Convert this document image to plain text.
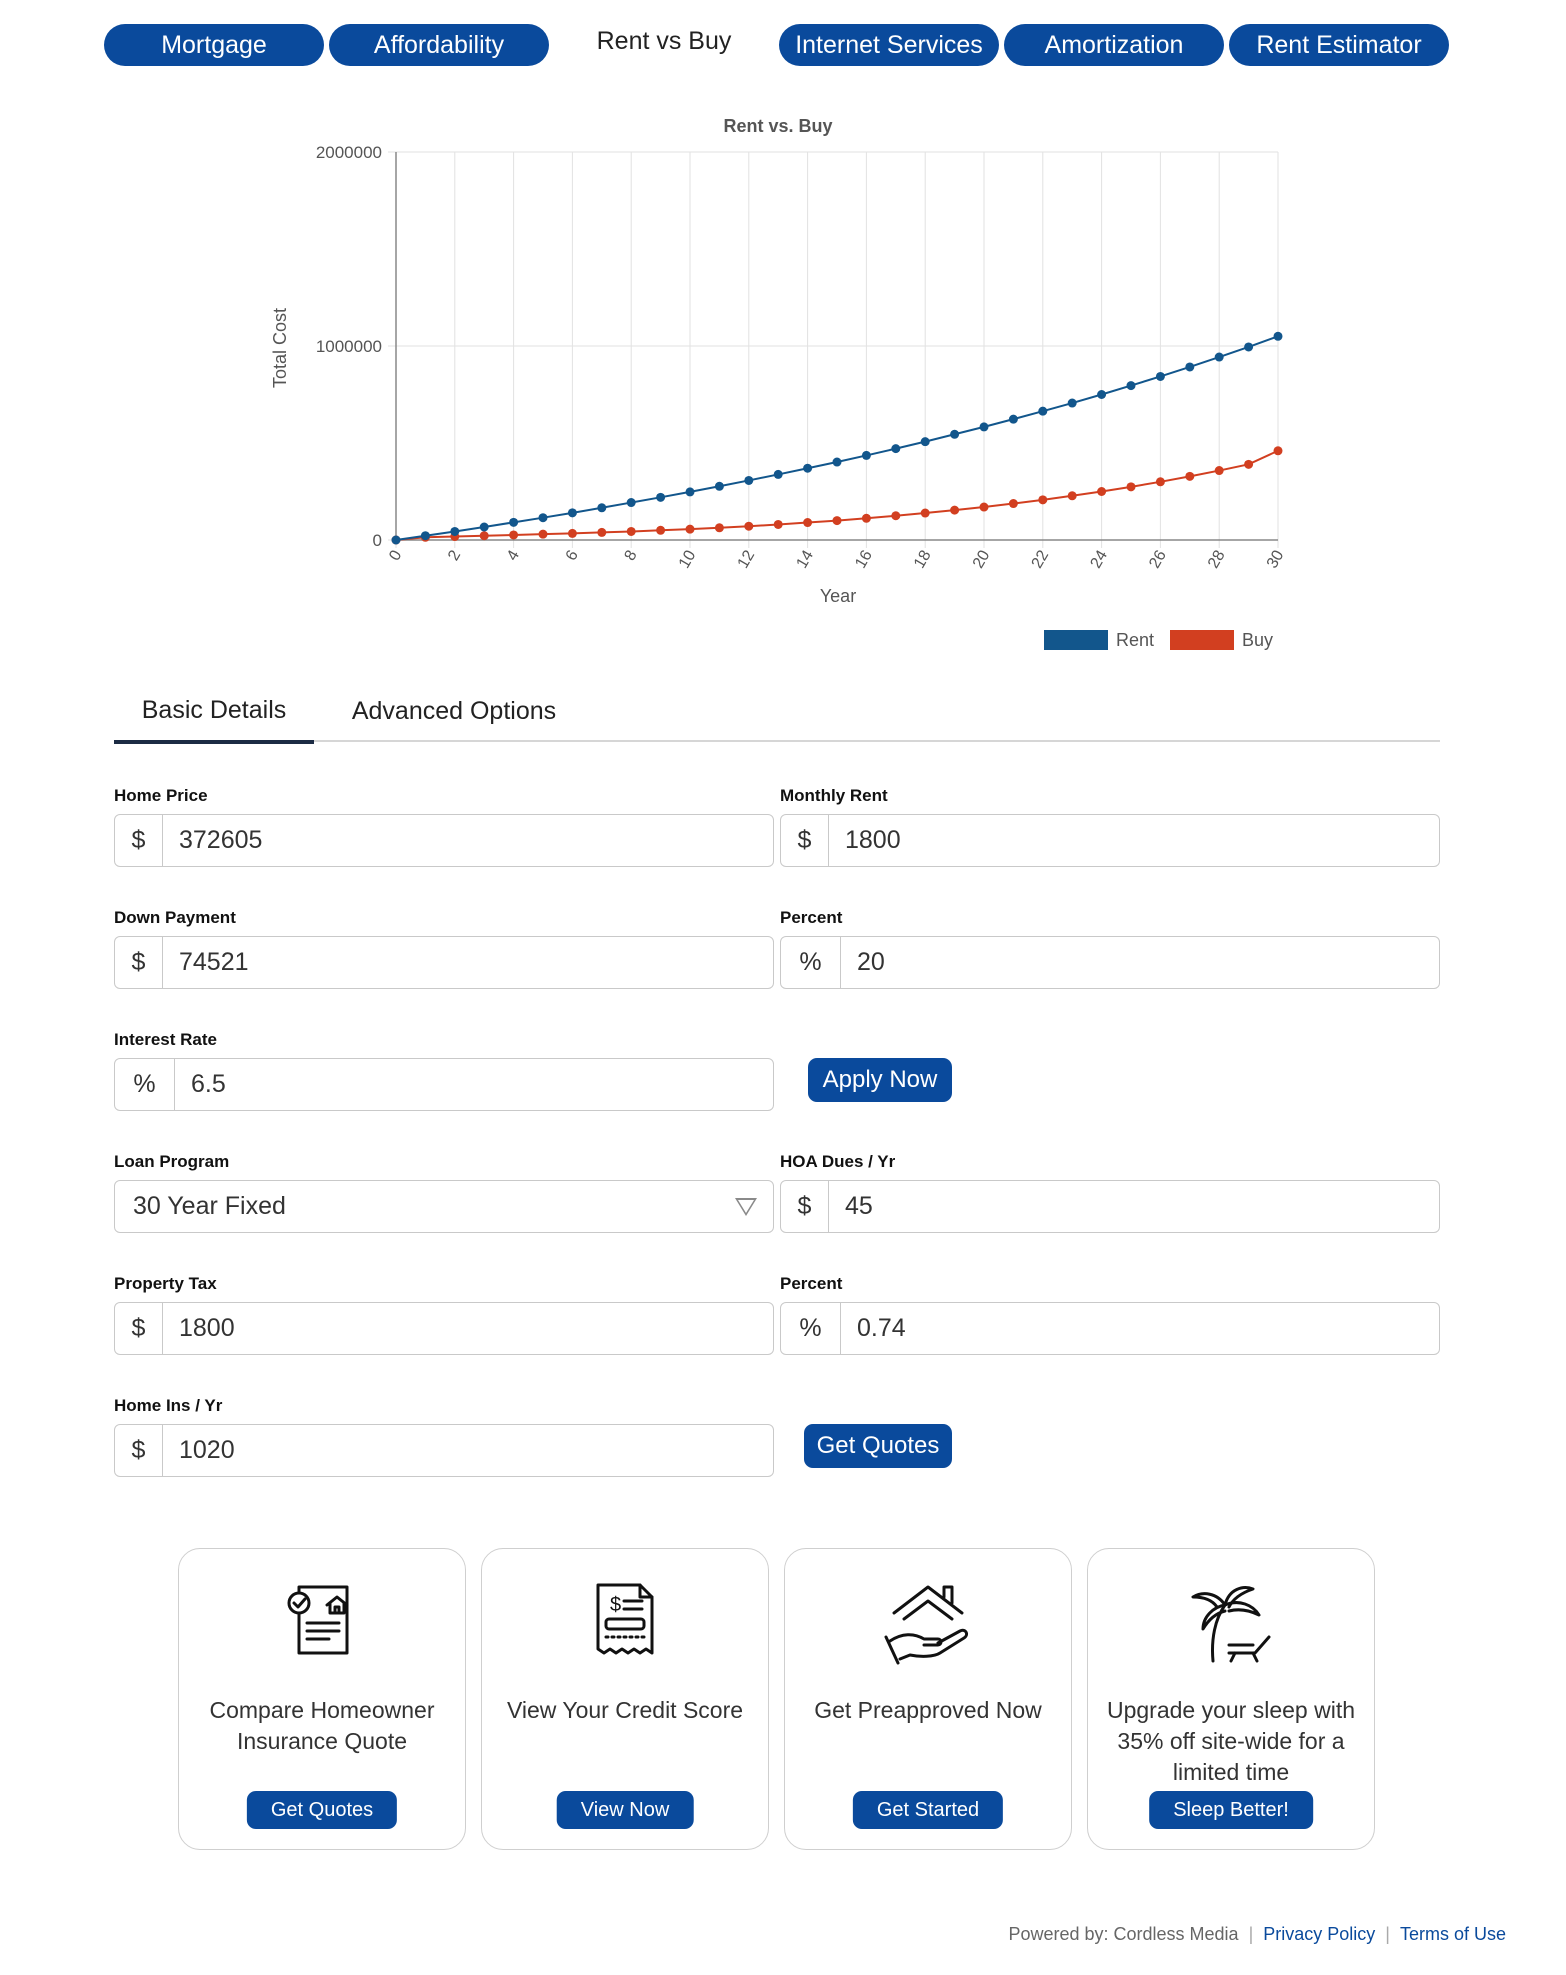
Mortgage	Affordability	Rent vs Buy	Internet Services	Amortization	Rent Estimator
Rent vs. Buy
0 2 4 6 8 10 12 14 16 18 20 22 24 26 28 30
0
1000000
2000000
Year
Total Cost
Rent	Buy
Basic Details	Advanced Options
Home Price
$	372605
Monthly Rent
$	1800
Down Payment
$	74521
Percent
%	20
Interest Rate
%	6.5	Apply Now
Loan Program
30 Year Fixed
HOA Dues / Yr
$	45
Property Tax
$	1800
Percent
%	0.74
Home Ins / Yr
$	1020	Get Quotes
Compare Homeowner Insurance Quote
Get Quotes
$
View Your Credit Score
View Now
Get Preapproved Now
Get Started
Upgrade your sleep with 35% off site-wide for a limited time
Sleep Better!
Powered by: Cordless Media | Privacy Policy | Terms of Use
